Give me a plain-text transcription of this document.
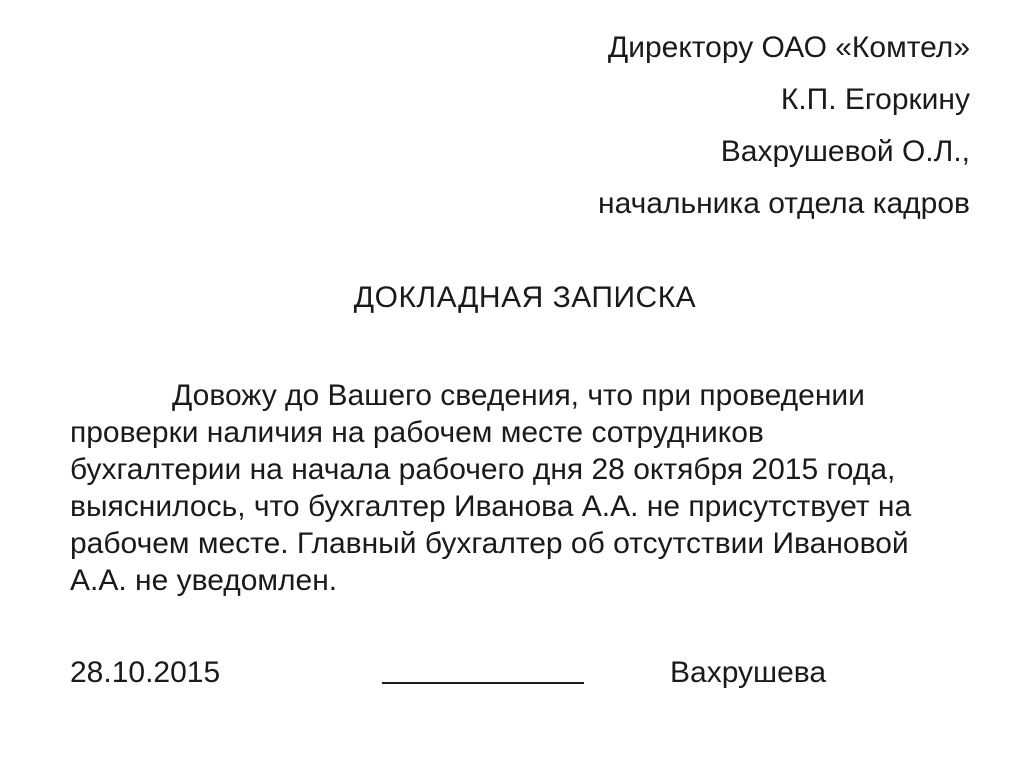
Директору ОАО «Комтел»
К.П. Егоркину
Вахрушевой О.Л.,
начальника отдела кадров
ДОКЛАДНАЯ ЗАПИСКА
Довожу до Вашего сведения, что при проведении
проверки наличия на рабочем месте сотрудников
бухгалтерии на начала рабочего дня 28 октября 2015 года,
выяснилось, что бухгалтер Иванова А.А. не присутствует на
рабочем месте. Главный бухгалтер об отсутствии Ивановой
А.А. не уведомлен.
28.10.2015	Вахрушева
